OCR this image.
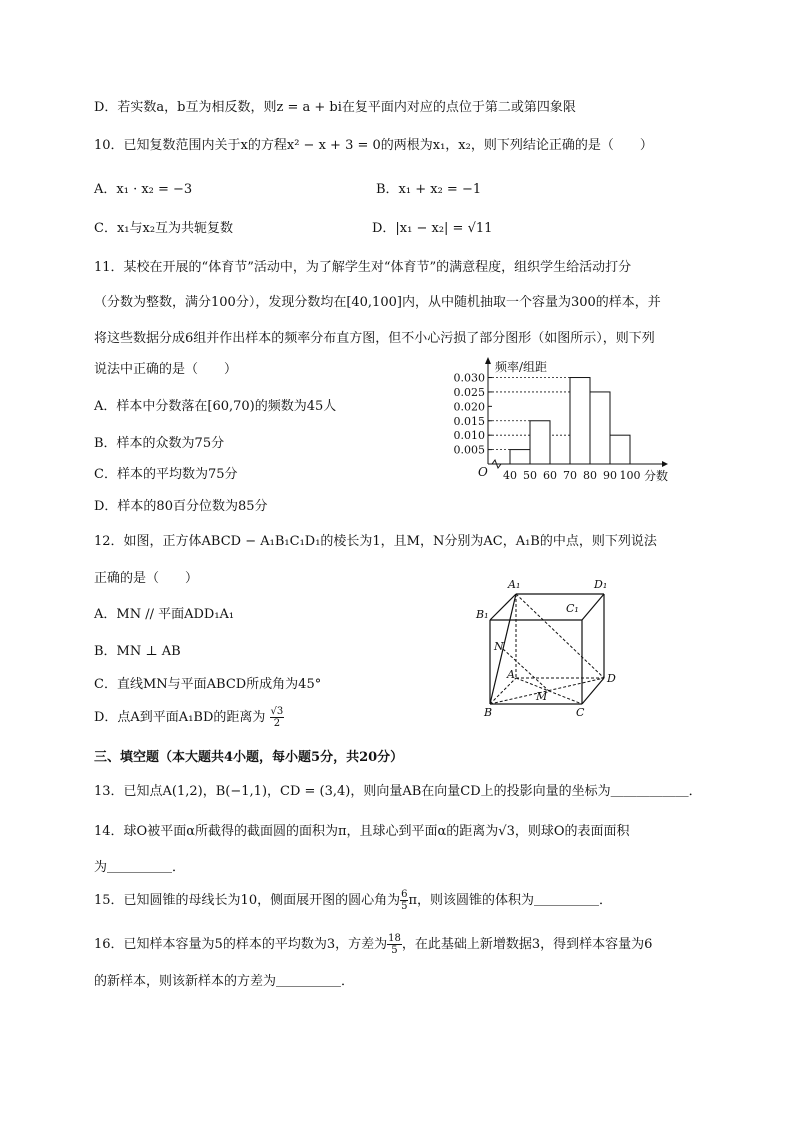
D．若实数a，b互为相反数，则z = a + bi在复平面内对应的点位于第二或第四象限
10．已知复数范围内关于x的方程x² − x + 3 = 0的两根为x₁，x₂，则下列结论正确的是（　　）
A．x₁ · x₂ = −3	B．x₁ + x₂ = −1
C．x₁与x₂互为共轭复数	D．|x₁ − x₂| = √11
11．某校在开展的“体育节”活动中，为了解学生对“体育节”的满意程度，组织学生给活动打分
（分数为整数，满分100分），发现分数均在[40,100]内，从中随机抽取一个容量为300的样本，并
将这些数据分成6组并作出样本的频率分布直方图，但不小心污损了部分图形（如图所示），则下列
说法中正确的是（　　）
A．样本中分数落在[60,70)的频数为45人
B．样本的众数为75分
C．样本的平均数为75分
D．样本的80百分位数为85分
0.005
0.010
0.015
0.020
0.025
0.030
40 50 60 70 80 90 100
O
频率/组距
分数
12．如图，正方体ABCD − A₁B₁C₁D₁的棱长为1，且M，N分别为AC，A₁B的中点，则下列说法
正确的是（　　）
A．MN // 平面ADD₁A₁
B．MN ⊥ AB
C．直线MN与平面ABCD所成角为45°
D．点A到平面A₁BD的距离为 $\frac{√3}{2}$
A₁	D₁
B₁	C₁
N
A	D
M
B	C
三、填空题（本大题共4小题，每小题5分，共20分）
13．已知点A(1,2)，B(−1,1)，CD = (3,4)，则向量AB在向量CD上的投影向量的坐标为＿＿＿＿＿＿．
14．球O被平面α所截得的截面圆的面积为π，且球心到平面α的距离为√3，则球O的表面面积
为＿＿＿＿＿．
15．已知圆锥的母线长为10，侧面展开图的圆心角为 $\frac{6}{5}$ π，则该圆锥的体积为＿＿＿＿＿．
16．已知样本容量为5的样本的平均数为3，方差为 $\frac{18}{5}$ ，在此基础上新增数据3，得到样本容量为6
的新样本，则该新样本的方差为＿＿＿＿＿．
